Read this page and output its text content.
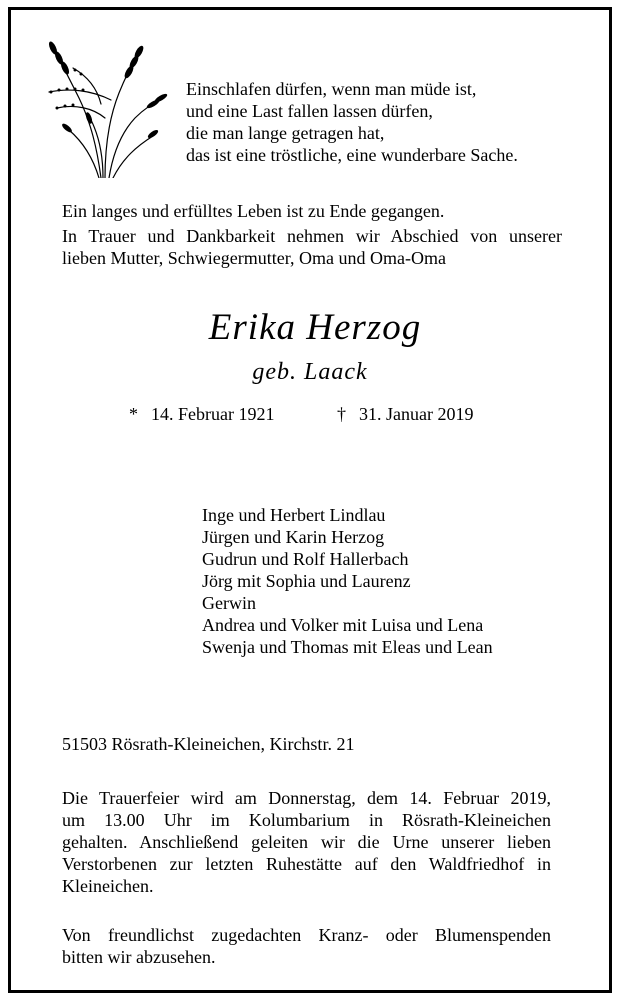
Einschlafen dürfen, wenn man müde ist,
und eine Last fallen lassen dürfen,
die man lange getragen hat,
das ist eine tröstliche, eine wunderbare Sache.
Ein langes und erfülltes Leben ist zu Ende gegangen.
In Trauer und Dankbarkeit nehmen wir Abschied von unserer
lieben Mutter, Schwiegermutter, Oma und Oma-Oma
Erika Herzog
geb. Laack
* 14. Februar 1921	† 31. Januar 2019
Inge und Herbert Lindlau
Jürgen und Karin Herzog
Gudrun und Rolf Hallerbach
Jörg mit Sophia und Laurenz
Gerwin
Andrea und Volker mit Luisa und Lena
Swenja und Thomas mit Eleas und Lean
51503 Rösrath-Kleineichen, Kirchstr. 21
Die Trauerfeier wird am Donnerstag, dem 14. Februar 2019,
um 13.00 Uhr im Kolumbarium in Rösrath-Kleineichen
gehalten. Anschließend geleiten wir die Urne unserer lieben
Verstorbenen zur letzten Ruhestätte auf den Waldfriedhof in
Kleineichen.
Von freundlichst zugedachten Kranz- oder Blumenspenden
bitten wir abzusehen.
